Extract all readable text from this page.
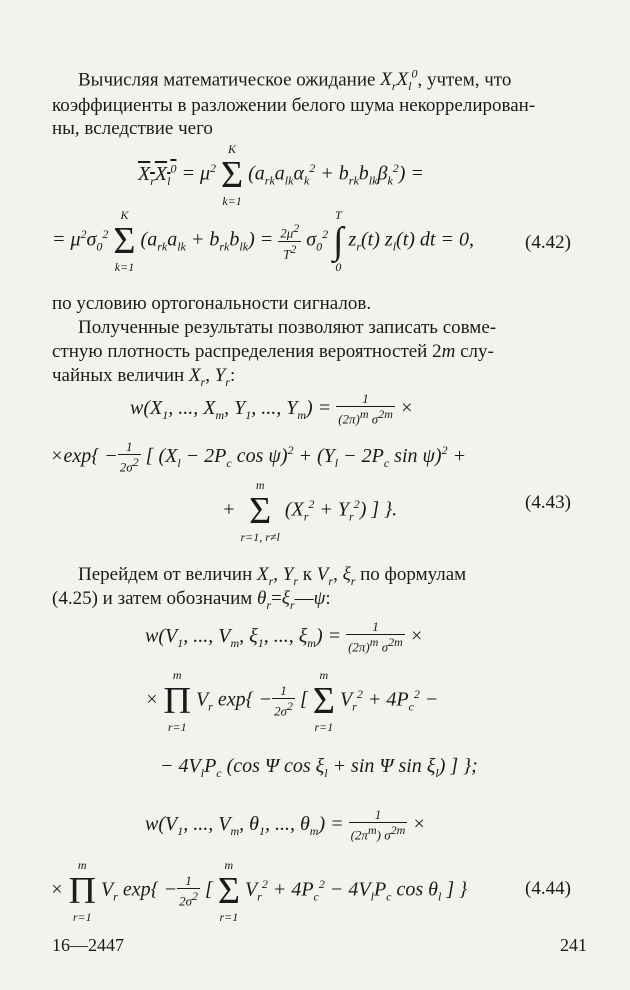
Вычисляя математическое ожидание $X_rX_l^0$, учтем, что
коэффициенты в разложении белого шума некоррелирован-
ны, вследствие чего
$X_rX_l^0 = \mu^2$
K
Σ
k=1
$(a_{rk}a_{lk}\alpha_k^2 + b_{rk}b_{lk}\beta_k^2)$ =
= $\mu^2\sigma_0^2$
K
Σ
k=1
$(a_{rk}a_{lk} + b_{rk}b_{lk}) = \frac{2\mu^2}{T^2} \sigma_0^2$
T
∫
0
$z_r(t)$ $z_l(t)$ dt = 0,	(4.42)
по условию ортогональности сигналов.
Полученные результаты позволяют записать совме-
стную плотность распределения вероятностей 2m слу-
чайных величин $X_r$, $Y_r$:
$w(X_1$, ..., $X_m$, $Y_1$, ..., $Y_m) = \frac{1}{(2\pi)^m \sigma^{2m}}$ ×
$\times\exp\{ - \frac{1}{2\sigma^2}$ [ ($X_l - 2P_c$ $\cos \psi)^2 + (Y_l - 2P_c$ sin ψ)$^2$ +
+
m
Σ
r=1, r≠l
$(X_r^2 + Y_r^2)$ ] }.	(4.43)
Перейдем от величин $X_r$, $Y_r$ к $V_r$, $\xi_r$ по формулам
(4.25) и затем обозначим $\theta_r=\xi_r—\psi$:
$w(V_1$, ..., $V_m$, $\xi_1$, ..., $\xi_m) = \frac{1}{(2\pi)^m \sigma^{2m}}$ ×
×
m
Π
r=1
$V_r$ $\exp\{ - \frac{1}{2\sigma^2}$ [
m
Σ
r=1
$V_r^2 + 4P_c^2$ −
− $4V_lP_c$ (cos Ψ $\cos \xi_l + \sin \Psi$ $\sin \xi_l$) ] };
$w(V_1$, ..., $V_m$, $\theta_1$, ..., $\theta_m) = \frac{1}{(2\pi^m) \sigma^{2m}}$ ×
×
m
Π
r=1
$V_r$ $\exp\{ - \frac{1}{2\sigma^2}$ [
m
Σ
r=1
$V_r^2 + 4P_c^2 - 4V_lP_c$ $\cos \theta_l$ ] }	(4.44)
16—2447	241
